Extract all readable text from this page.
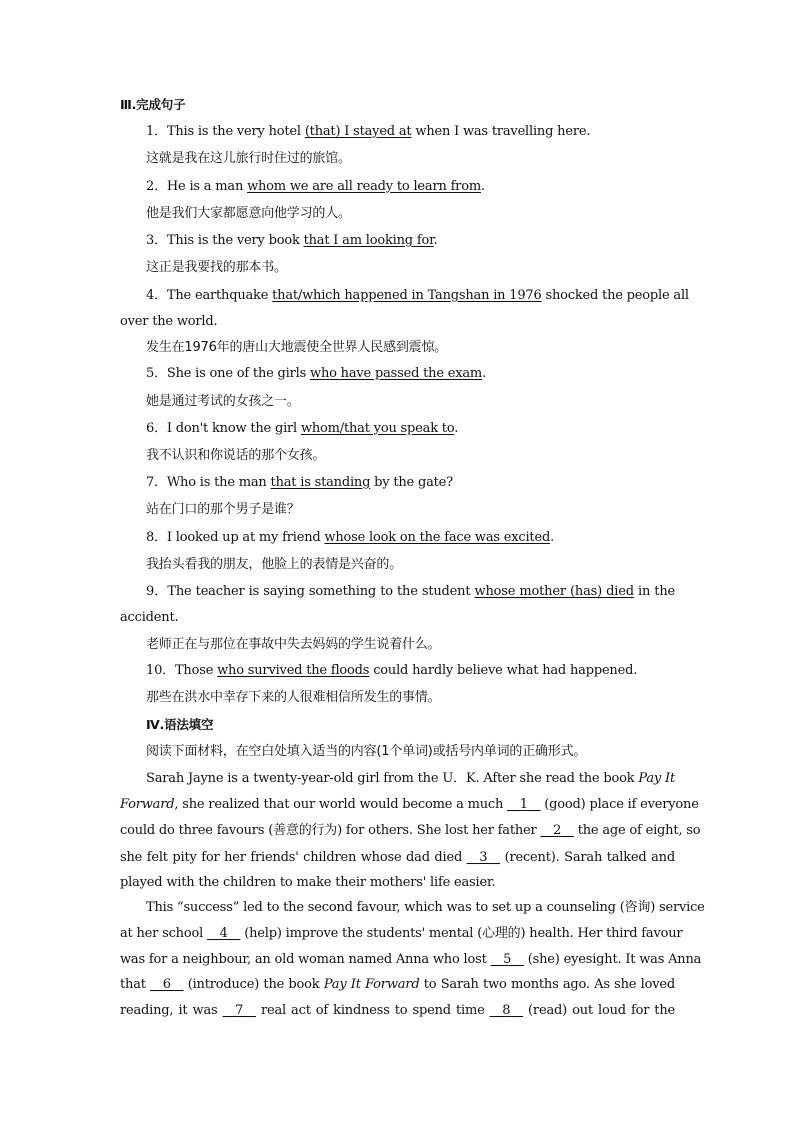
Ⅲ.完成句子
1．This is the very hotel (that) I stayed at when I was travelling here.
这就是我在这儿旅行时住过的旅馆。
2．He is a man whom we are all ready to learn from.
他是我们大家都愿意向他学习的人。
3．This is the very book that I am looking for.
这正是我要找的那本书。
4．The earthquake that/which happened in Tangshan in 1976 shocked the people all
over the world.
发生在1976年的唐山大地震使全世界人民感到震惊。
5．She is one of the girls who have passed the exam.
她是通过考试的女孩之一。
6．I don't know the girl whom/that you speak to.
我不认识和你说话的那个女孩。
7．Who is the man that is standing by the gate?
站在门口的那个男子是谁？
8．I looked up at my friend whose look on the face was excited.
我抬头看我的朋友，他脸上的表情是兴奋的。
9．The teacher is saying something to the student whose mother (has) died in the
accident.
老师正在与那位在事故中失去妈妈的学生说着什么。
10．Those who survived the floods could hardly believe what had happened.
那些在洪水中幸存下来的人很难相信所发生的事情。
Ⅳ.语法填空
阅读下面材料，在空白处填入适当的内容(1个单词)或括号内单词的正确形式。
Sarah Jayne is a twenty-year-old girl from the U．K. After she read the book Pay It
Forward, she realized that our world would become a much __1__ (good) place if everyone
could do three favours (善意的行为) for others. She lost her father __2__ the age of eight, so
she felt pity for her friends' children whose dad died __3__ (recent). Sarah talked and
played with the children to make their mothers' life easier.
This “success” led to the second favour, which was to set up a counseling (咨询) service
at her school __4__ (help) improve the students' mental (心理的) health. Her third favour
was for a neighbour, an old woman named Anna who lost __5__ (she) eyesight. It was Anna
that __6__ (introduce) the book Pay It Forward to Sarah two months ago. As she loved
reading, it was __7__ real act of kindness to spend time __8__ (read) out loud for the
